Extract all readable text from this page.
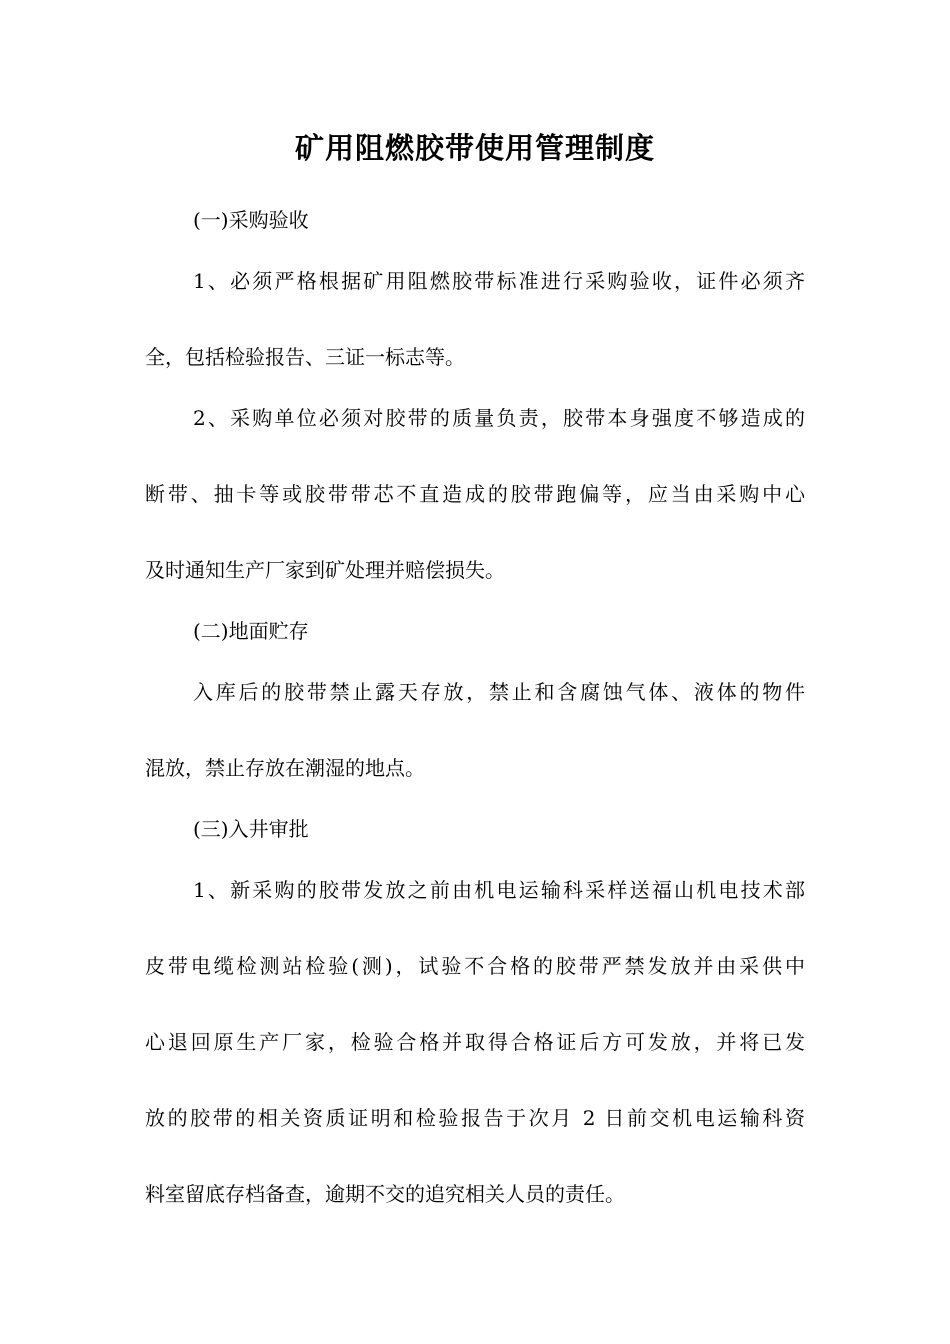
矿用阻燃胶带使用管理制度

(一)采购验收

1、必须严格根据矿用阻燃胶带标准进行采购验收，证件必须齐

全，包括检验报告、三证一标志等。

2、采购单位必须对胶带的质量负责，胶带本身强度不够造成的

断带、抽卡等或胶带带芯不直造成的胶带跑偏等，应当由采购中心

及时通知生产厂家到矿处理并赔偿损失。

(二)地面贮存

入库后的胶带禁止露天存放，禁止和含腐蚀气体、液体的物件

混放，禁止存放在潮湿的地点。

(三)入井审批

1、新采购的胶带发放之前由机电运输科采样送福山机电技术部

皮带电缆检测站检验(测)，试验不合格的胶带严禁发放并由采供中

心退回原生产厂家，检验合格并取得合格证后方可发放，并将已发

放的胶带的相关资质证明和检验报告于次月 2 日前交机电运输科资

料室留底存档备查，逾期不交的追究相关人员的责任。
